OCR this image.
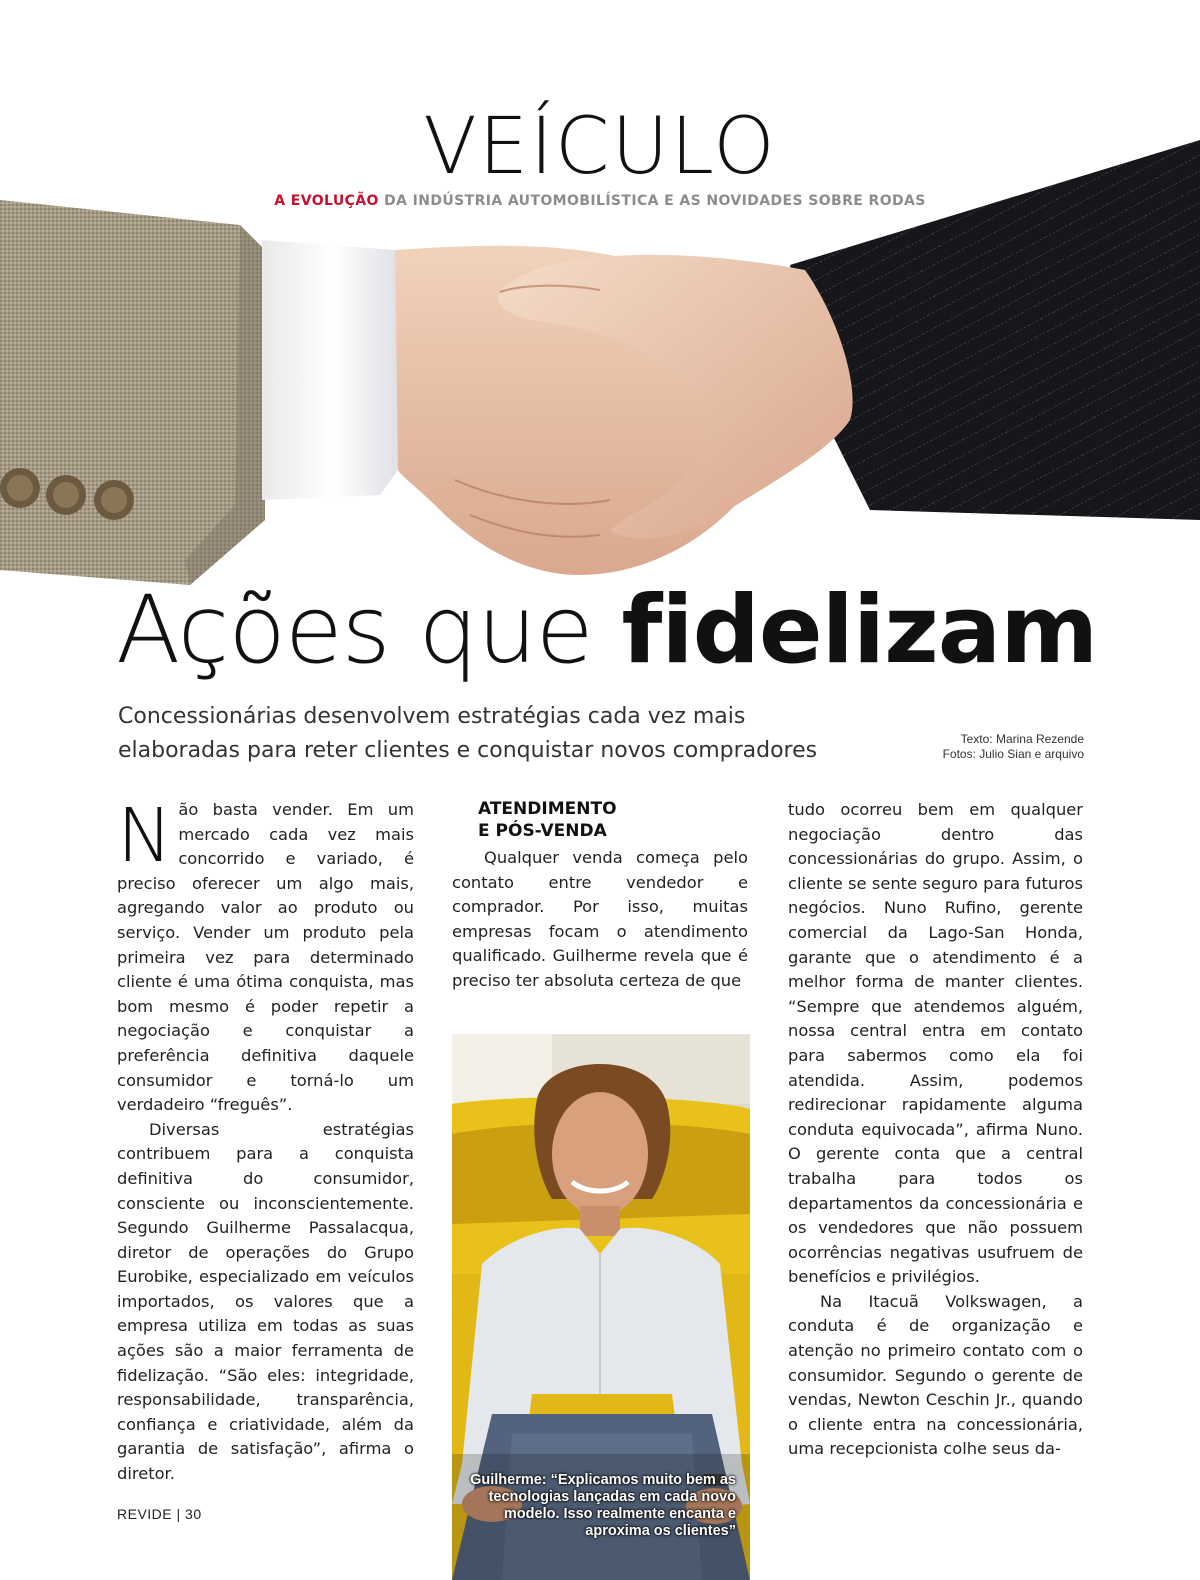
VEÍCULO
A EVOLUÇÃO DA INDÚSTRIA AUTOMOBILÍSTICA E AS NOVIDADES SOBRE RODAS
Ações que fidelizam
Concessionárias desenvolvem estratégias cada vez mais
elaboradas para reter clientes e conquistar novos compradores	Texto: Marina Rezende
Fotos: Julio Sian e arquivo

Não basta vender. Em um mercado cada vez mais concorrido e variado, é preciso oferecer um algo mais, agregando valor ao produto ou serviço. Vender um produto pela primeira vez para determinado cliente é uma ótima conquista, mas bom mesmo é poder repetir a negociação e conquistar a preferência definitiva daquele consumidor e torná-lo um verdadeiro “freguês”.

Diversas estratégias contribuem para a conquista definitiva do consumidor, consciente ou inconscientemente. Segundo Guilherme Passalacqua, diretor de operações do Grupo Eurobike, especializado em veículos importados, os valores que a empresa utiliza em todas as suas ações são a maior ferramenta de fidelização. “São eles: integridade, responsabilidade, transparência, confiança e criatividade, além da garantia de satisfação”, afirma o diretor.

ATENDIMENTO
E PÓS-VENDA

Qualquer venda começa pelo contato entre vendedor e comprador. Por isso, muitas empresas focam o atendimento qualificado. Guilherme revela que é preciso ter absoluta certeza de que

Guilherme: “Explicamos muito bem as tecnologias lançadas em cada novo modelo. Isso realmente encanta e aproxima os clientes”

tudo ocorreu bem em qualquer negociação dentro das concessionárias do grupo. Assim, o cliente se sente seguro para futuros negócios. Nuno Rufino, gerente comercial da Lago-San Honda, garante que o atendimento é a melhor forma de manter clientes. “Sempre que atendemos alguém, nossa central entra em contato para sabermos como ela foi atendida. Assim, podemos redirecionar rapidamente alguma conduta equivocada”, afirma Nuno. O gerente conta que a central trabalha para todos os departamentos da concessionária e os vendedores que não possuem ocorrências negativas usufruem de benefícios e privilégios.

Na Itacuã Volkswagen, a conduta é de organização e atenção no primeiro contato com o consumidor. Segundo o gerente de vendas, Newton Ceschin Jr., quando o cliente entra na concessionária, uma recepcionista colhe seus da-

REVIDE | 30
